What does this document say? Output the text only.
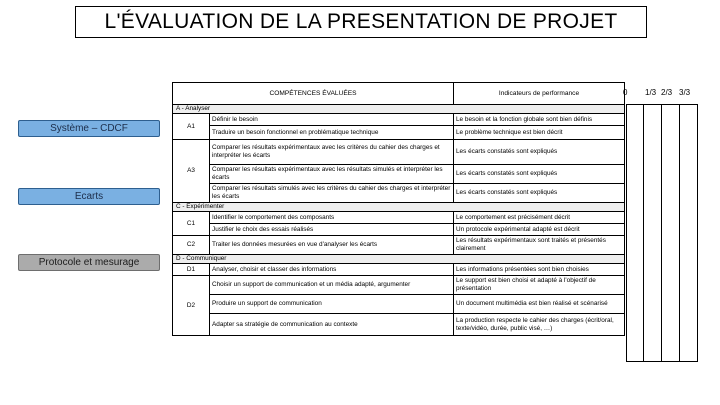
L'ÉVALUATION DE LA PRESENTATION DE PROJET
COMPÉTENCES ÉVALUÉES		Indicateurs de performance
A - Analyser		
A1	Définir le besoin	Le besoin et la fonction globale sont bien définis
	Traduire un besoin fonctionnel en problématique technique	Le problème technique est bien décrit
A3	Comparer les résultats expérimentaux avec les critères du cahier des charges et interpréter les écarts	Les écarts constatés sont expliqués
	Comparer les résultats expérimentaux avec les résultats simulés et interpréter les écarts	Les écarts constatés sont expliqués
	Comparer les résultats simulés avec les critères du cahier des charges et interpréter les écarts	Les écarts constatés sont expliqués
C - Expérimenter		
C1	Identifier le comportement des composants	Le comportement est précisément décrit
	Justifier le choix des essais réalisés	Un protocole expérimental adapté est décrit
C2	Traiter les données mesurées en vue d'analyser les écarts	Les résultats expérimentaux sont traités et présentés clairement
D - Communiquer		
D1	Analyser, choisir et classer des informations	Les informations présentées sont bien choisies
D2	Choisir un support de communication et un média adapté, argumenter	Le support est bien choisi et adapté à l'objectif de présentation
	Produire un support de communication	Un document multimédia est bien réalisé et scénarisé
	Adapter sa stratégie de communication au contexte	La production respecte le cahier des charges (écrit/oral, texte/vidéo, durée, public visé, …)
0 1/3 2/3 3/3
Système – CDCF
Ecarts
Protocole et mesurage
